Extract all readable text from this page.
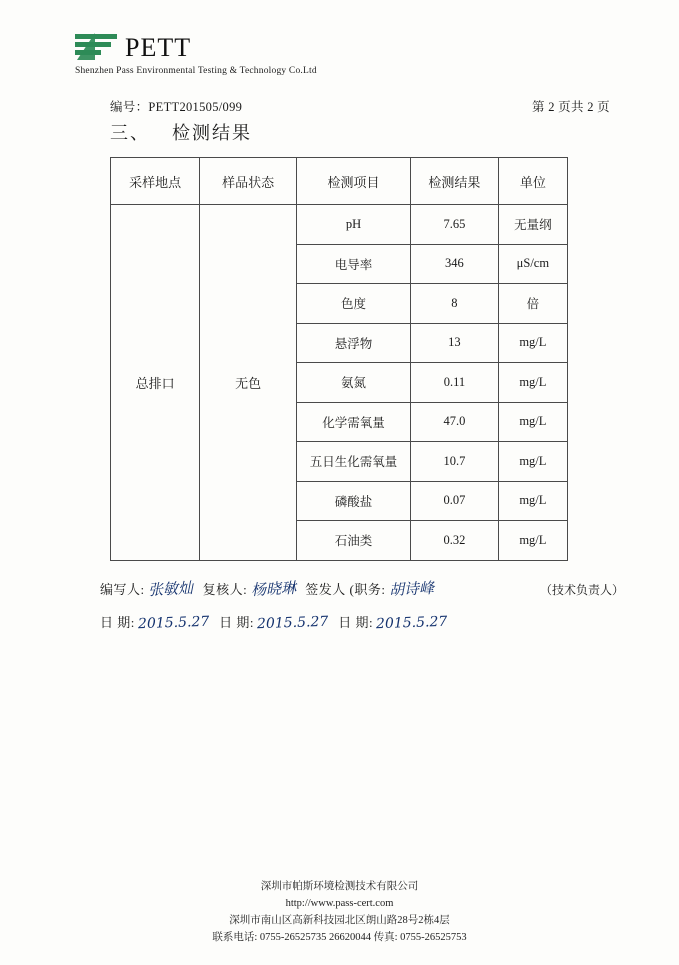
PETT
Shenzhen Pass Environmental Testing & Technology Co.Ltd
编号：PETT201505/099	第 2 页共 2 页
三、 检测结果
采样地点	样品状态	检测项目	检测结果	单位
总排口	无色	pH	7.65	无量纲
		电导率	346	μS/cm
		色度	8	倍
		悬浮物	13	mg/L
		氨氮	0.11	mg/L
		化学需氧量	47.0	mg/L
		五日生化需氧量	10.7	mg/L
		磷酸盐	0.07	mg/L
		石油类	0.32	mg/L
编写人: 张敏灿 复核人: 杨晓琳 签发人 (职务: 胡诗峰	（技术负责人）
日 期: 2015.5.27 日 期: 2015.5.27 日 期: 2015.5.27
深圳市帕斯环境检测技术有限公司
http://www.pass-cert.com
深圳市南山区高新科技园北区朗山路28号2栋4层
联系电话: 0755-26525735 26620044 传真: 0755-26525753
